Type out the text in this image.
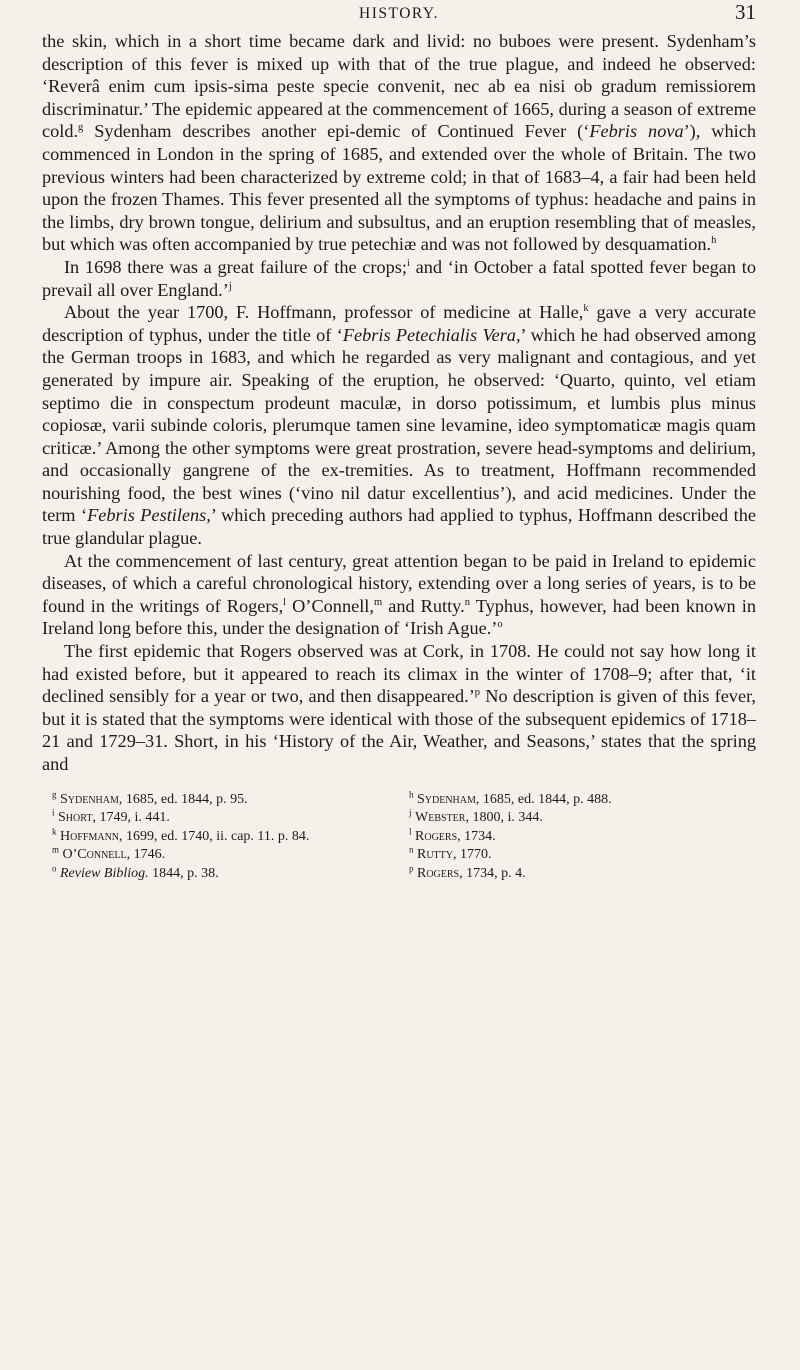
HISTORY.	31

the skin, which in a short time became dark and livid: no buboes were present. Sydenham’s description of this fever is mixed up with that of the true plague, and indeed he observed: ‘Reverâ enim cum ipsis-sima peste specie convenit, nec ab ea nisi ob gradum remissiorem discriminatur.’ The epidemic appeared at the commencement of 1665, during a season of extreme cold.$^g$ Sydenham describes another epi-demic of Continued Fever (‘Febris nova’), which commenced in London in the spring of 1685, and extended over the whole of Britain. The two previous winters had been characterized by extreme cold; in that of 1683–4, a fair had been held upon the frozen Thames. This fever presented all the symptoms of typhus: headache and pains in the limbs, dry brown tongue, delirium and subsultus, and an eruption resembling that of measles, but which was often accompanied by true petechiæ and was not followed by desquamation.$^h$

In 1698 there was a great failure of the crops;$^i$ and ‘in October a fatal spotted fever began to prevail all over England.’$^j$

About the year 1700, F. Hoffmann, professor of medicine at Halle,$^k$ gave a very accurate description of typhus, under the title of ‘Febris Petechialis Vera,’ which he had observed among the German troops in 1683, and which he regarded as very malignant and contagious, and yet generated by impure air. Speaking of the eruption, he observed: ‘Quarto, quinto, vel etiam septimo die in conspectum prodeunt maculæ, in dorso potissimum, et lumbis plus minus copiosæ, varii subinde coloris, plerumque tamen sine levamine, ideo symptomaticæ magis quam criticæ.’ Among the other symptoms were great prostration, severe head-symptoms and delirium, and occasionally gangrene of the ex-tremities. As to treatment, Hoffmann recommended nourishing food, the best wines (‘vino nil datur excellentius’), and acid medicines. Under the term ‘Febris Pestilens,’ which preceding authors had applied to typhus, Hoffmann described the true glandular plague.

At the commencement of last century, great attention began to be paid in Ireland to epidemic diseases, of which a careful chronological history, extending over a long series of years, is to be found in the writings of Rogers,$^l$ O’Connell,$^m$ and Rutty.$^n$ Typhus, however, had been known in Ireland long before this, under the designation of ‘Irish Ague.’$^o$

The first epidemic that Rogers observed was at Cork, in 1708. He could not say how long it had existed before, but it appeared to reach its climax in the winter of 1708–9; after that, ‘it declined sensibly for a year or two, and then disappeared.’$^p$ No description is given of this fever, but it is stated that the symptoms were identical with those of the subsequent epidemics of 1718–21 and 1729–31. Short, in his ‘History of the Air, Weather, and Seasons,’ states that the spring and

$^g$ Sydenham, 1685, ed. 1844, p. 95.	$^h$ Sydenham, 1685, ed. 1844, p. 488.
$^i$ Short, 1749, i. 441.	$^j$ Webster, 1800, i. 344.
$^k$ Hoffmann, 1699, ed. 1740, ii. cap. 11. p. 84.	$^l$ Rogers, 1734.
$^m$ O’Connell, 1746.	$^n$ Rutty, 1770.
$^o$ Review Bibliog. 1844, p. 38.	$^p$ Rogers, 1734, p. 4.
